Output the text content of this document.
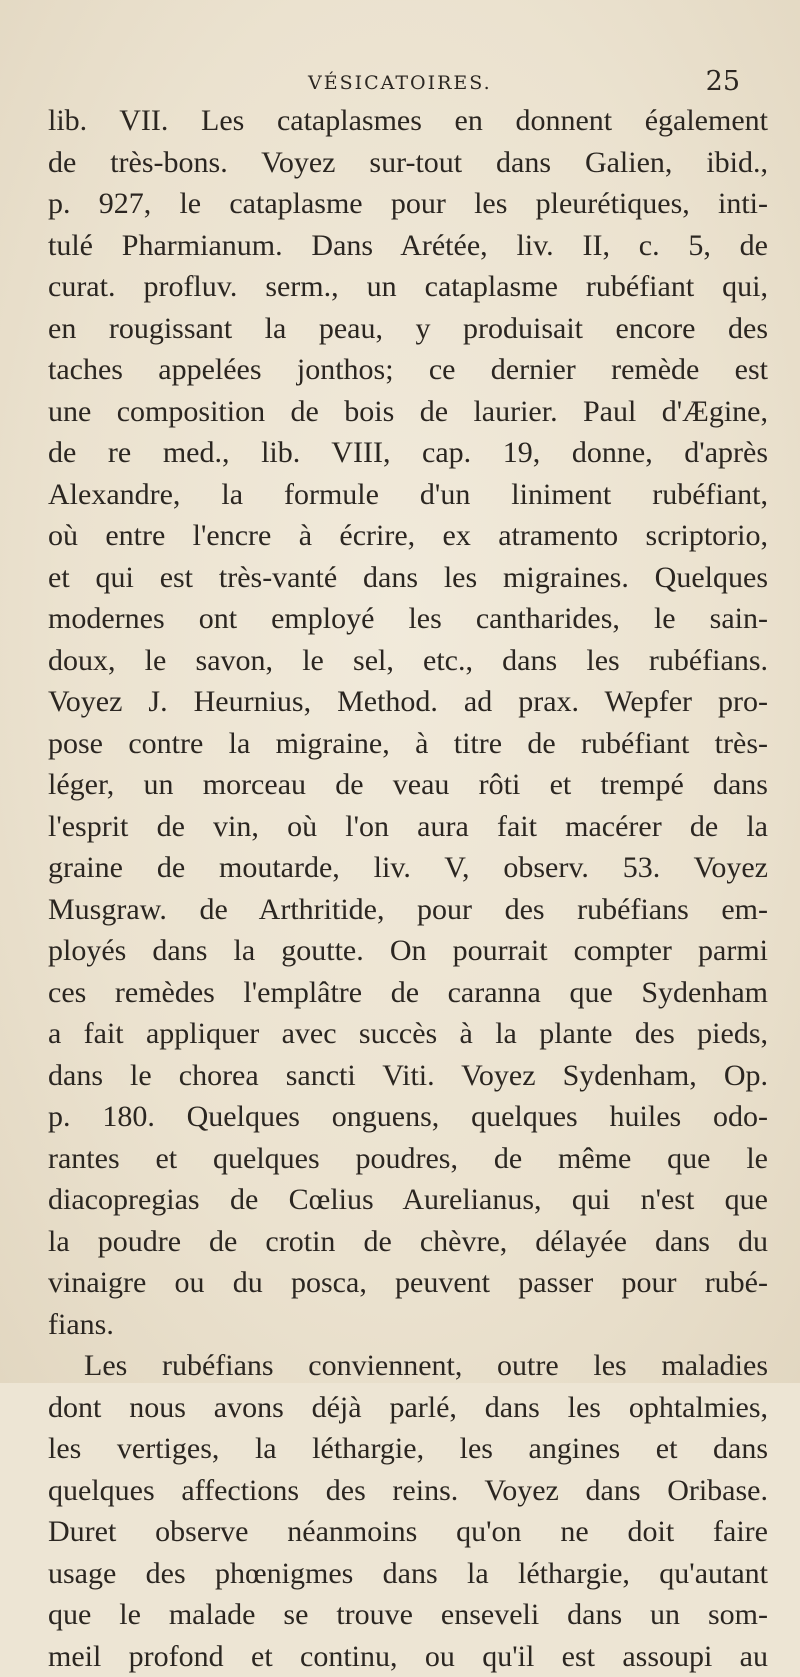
VÉSICATOIRES.	25
lib. VII. Les cataplasmes en donnent également
de très-bons. Voyez sur-tout dans Galien, ibid.,
p. 927, le cataplasme pour les pleurétiques, inti-
tulé Pharmianum. Dans Arétée, liv. II, c. 5, de
curat. profluv. serm., un cataplasme rubéfiant qui,
en rougissant la peau, y produisait encore des
taches appelées jonthos; ce dernier remède est
une composition de bois de laurier. Paul d'Ægine,
de re med., lib. VIII, cap. 19, donne, d'après
Alexandre, la formule d'un liniment rubéfiant,
où entre l'encre à écrire, ex atramento scriptorio,
et qui est très-vanté dans les migraines. Quelques
modernes ont employé les cantharides, le sain-
doux, le savon, le sel, etc., dans les rubéfians.
Voyez J. Heurnius, Method. ad prax. Wepfer pro-
pose contre la migraine, à titre de rubéfiant très-
léger, un morceau de veau rôti et trempé dans
l'esprit de vin, où l'on aura fait macérer de la
graine de moutarde, liv. V, observ. 53. Voyez
Musgraw. de Arthritide, pour des rubéfians em-
ployés dans la goutte. On pourrait compter parmi
ces remèdes l'emplâtre de caranna que Sydenham
a fait appliquer avec succès à la plante des pieds,
dans le chorea sancti Viti. Voyez Sydenham, Op.
p. 180. Quelques onguens, quelques huiles odo-
rantes et quelques poudres, de même que le
diacopregias de Cœlius Aurelianus, qui n'est que
la poudre de crotin de chèvre, délayée dans du
vinaigre ou du posca, peuvent passer pour rubé-
fians.
Les rubéfians conviennent, outre les maladies
dont nous avons déjà parlé, dans les ophtalmies,
les vertiges, la léthargie, les angines et dans
quelques affections des reins. Voyez dans Oribase.
Duret observe néanmoins qu'on ne doit faire
usage des phœnigmes dans la léthargie, qu'autant
que le malade se trouve enseveli dans un som-
meil profond et continu, ou qu'il est assoupi au
